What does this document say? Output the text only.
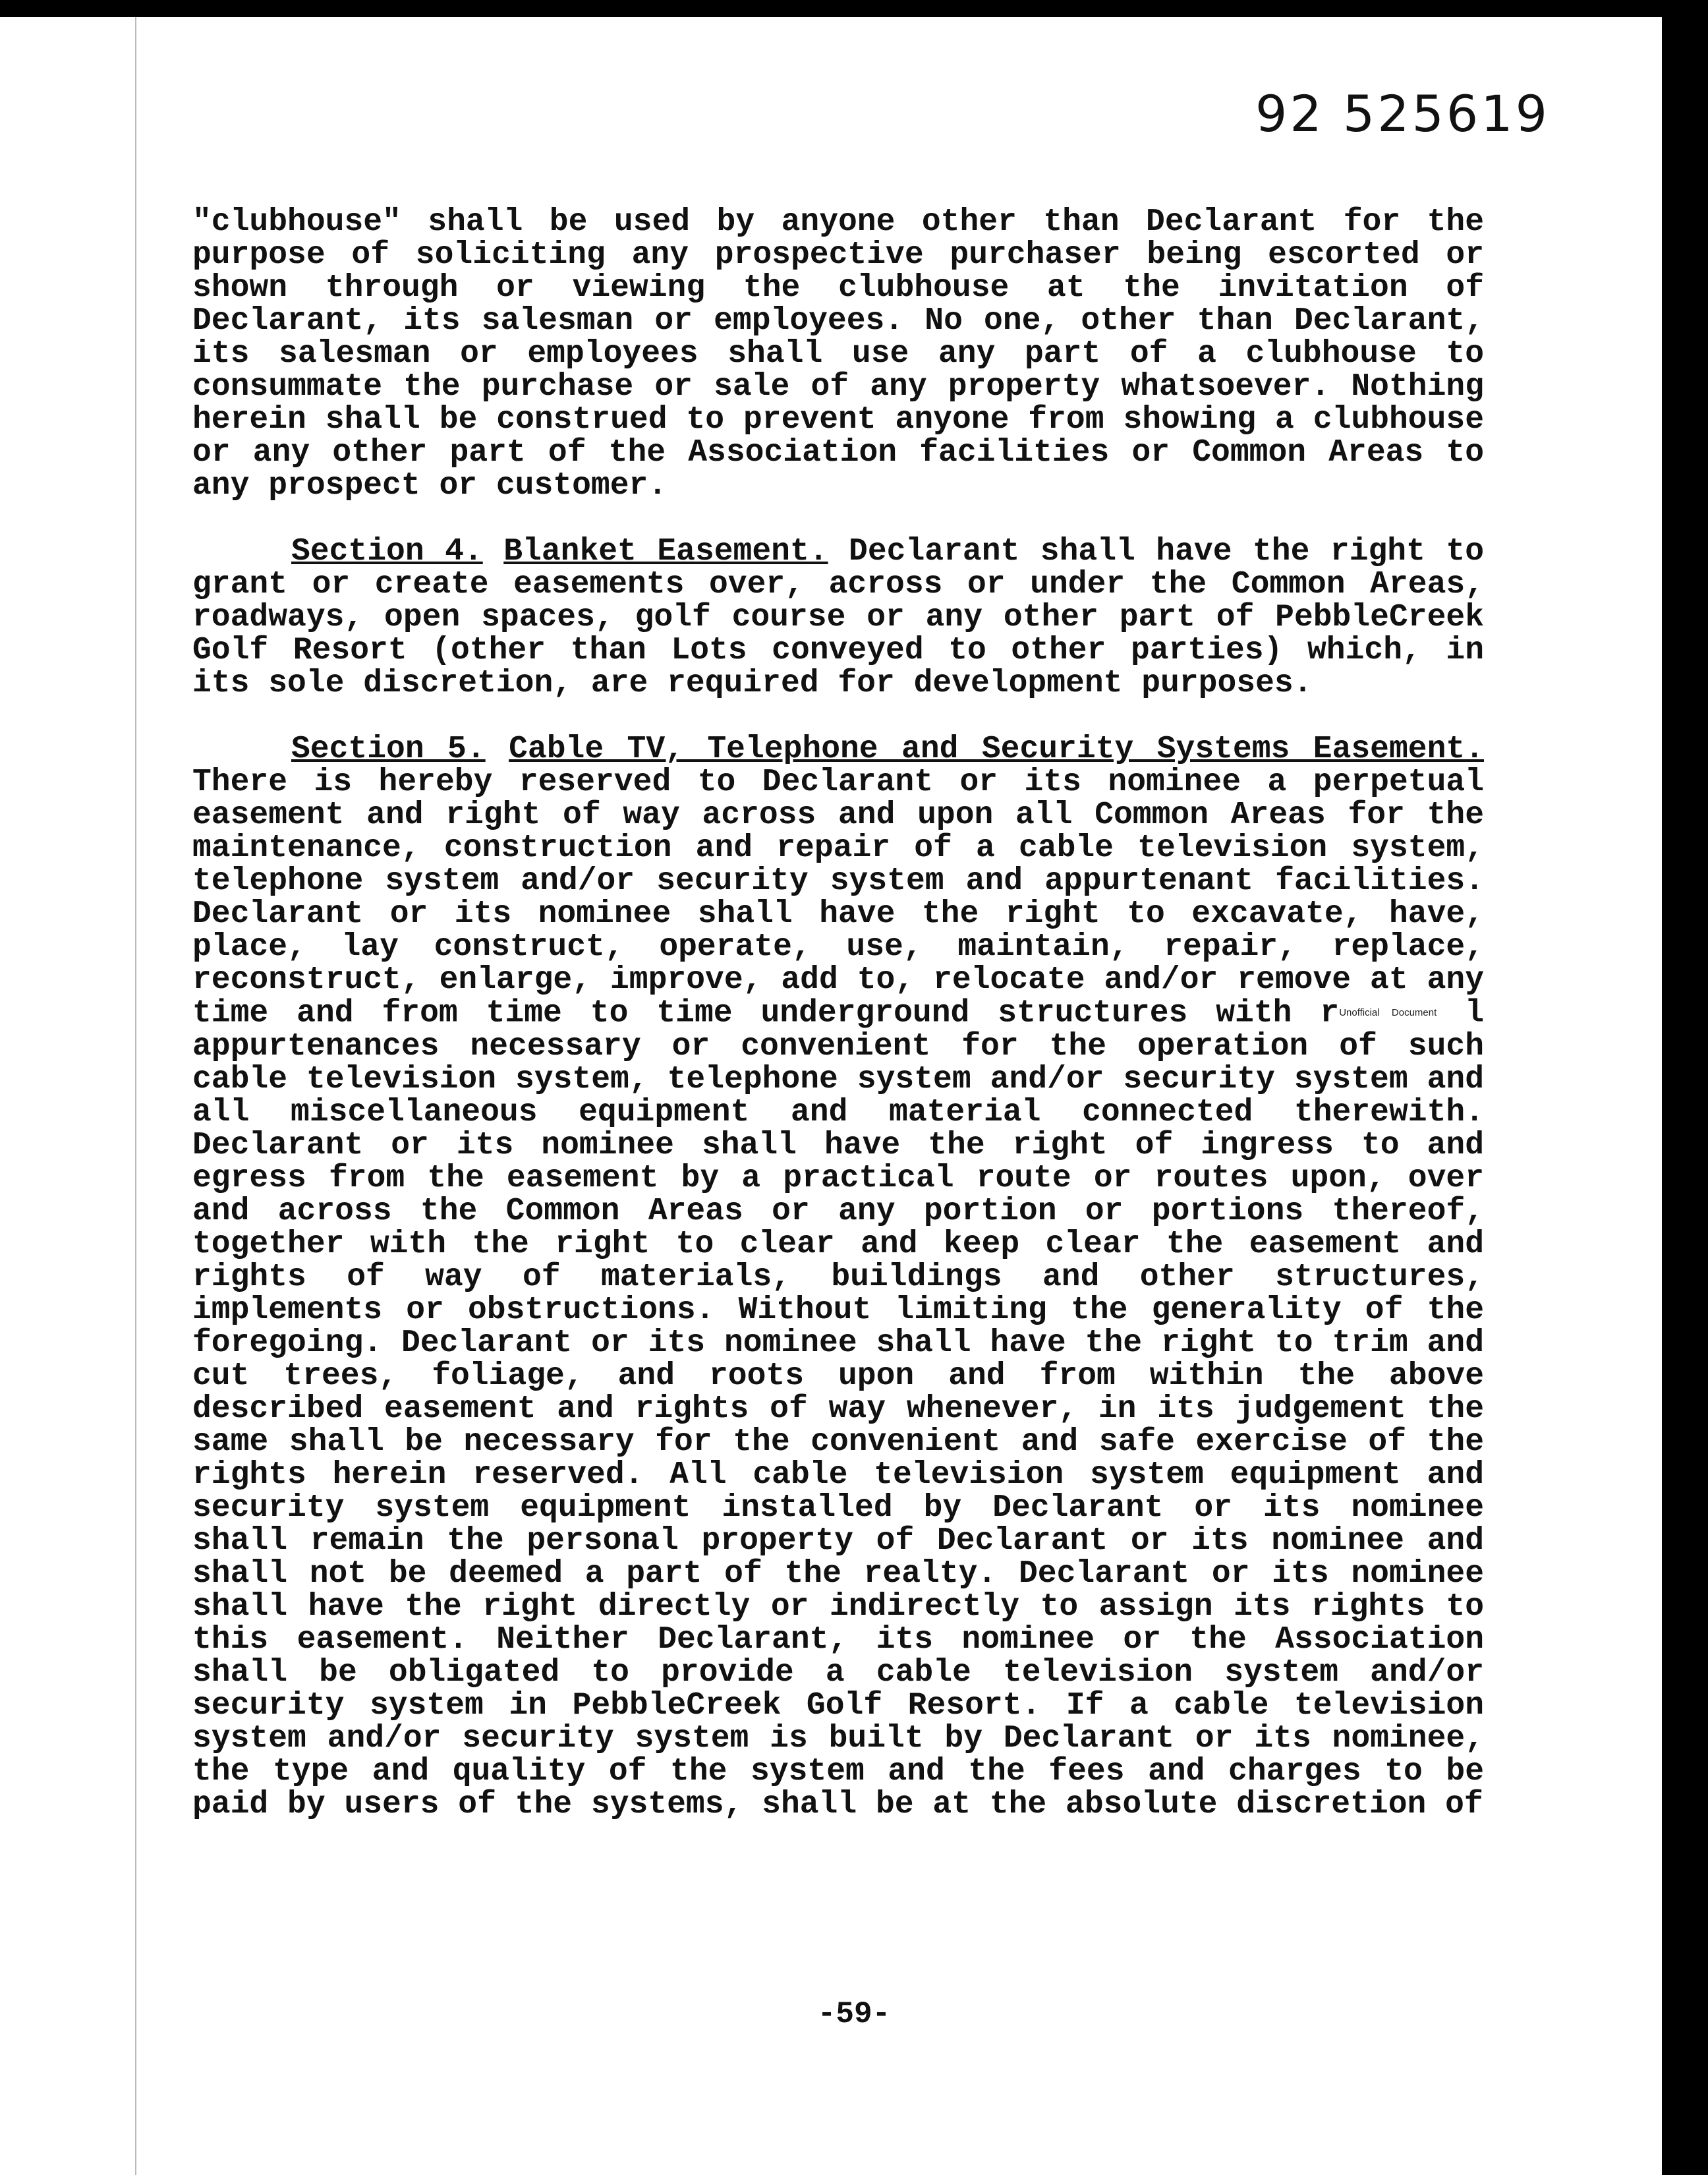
92 525619

"clubhouse" shall be used by anyone other than Declarant for the purpose of soliciting any prospective purchaser being escorted or shown through or viewing the clubhouse at the invitation of Declarant, its salesman or employees. No one, other than Declarant, its salesman or employees shall use any part of a clubhouse to consummate the purchase or sale of any property whatsoever. Nothing herein shall be construed to prevent anyone from showing a clubhouse or any other part of the Association facilities or Common Areas to any prospect or customer.

Section 4. Blanket Easement. Declarant shall have the right to grant or create easements over, across or under the Common Areas, roadways, open spaces, golf course or any other part of PebbleCreek Golf Resort (other than Lots conveyed to other parties) which, in its sole discretion, are required for development purposes.

Section 5. Cable TV, Telephone and Security Systems Easement. There is hereby reserved to Declarant or its nominee a perpetual easement and right of way across and upon all Common Areas for the maintenance, construction and repair of a cable television system, telephone system and/or security system and appurtenant facilities. Declarant or its nominee shall have the right to excavate, have, place, lay construct, operate, use, maintain, repair, replace, reconstruct, enlarge, improve, add to, relocate and/or remove at any time and from time to time underground structures with rUnofficial Document l appurtenances necessary or convenient for the operation of such cable television system, telephone system and/or security system and all miscellaneous equipment and material connected therewith. Declarant or its nominee shall have the right of ingress to and egress from the easement by a practical route or routes upon, over and across the Common Areas or any portion or portions thereof, together with the right to clear and keep clear the easement and rights of way of materials, buildings and other structures, implements or obstructions. Without limiting the generality of the foregoing. Declarant or its nominee shall have the right to trim and cut trees, foliage, and roots upon and from within the above described easement and rights of way whenever, in its judgement the same shall be necessary for the convenient and safe exercise of the rights herein reserved. All cable television system equipment and security system equipment installed by Declarant or its nominee shall remain the personal property of Declarant or its nominee and shall not be deemed a part of the realty. Declarant or its nominee shall have the right directly or indirectly to assign its rights to this easement. Neither Declarant, its nominee or the Association shall be obligated to provide a cable television system and/or security system in PebbleCreek Golf Resort. If a cable television system and/or security system is built by Declarant or its nominee, the type and quality of the system and the fees and charges to be paid by users of the systems, shall be at the absolute discretion of

-59-
